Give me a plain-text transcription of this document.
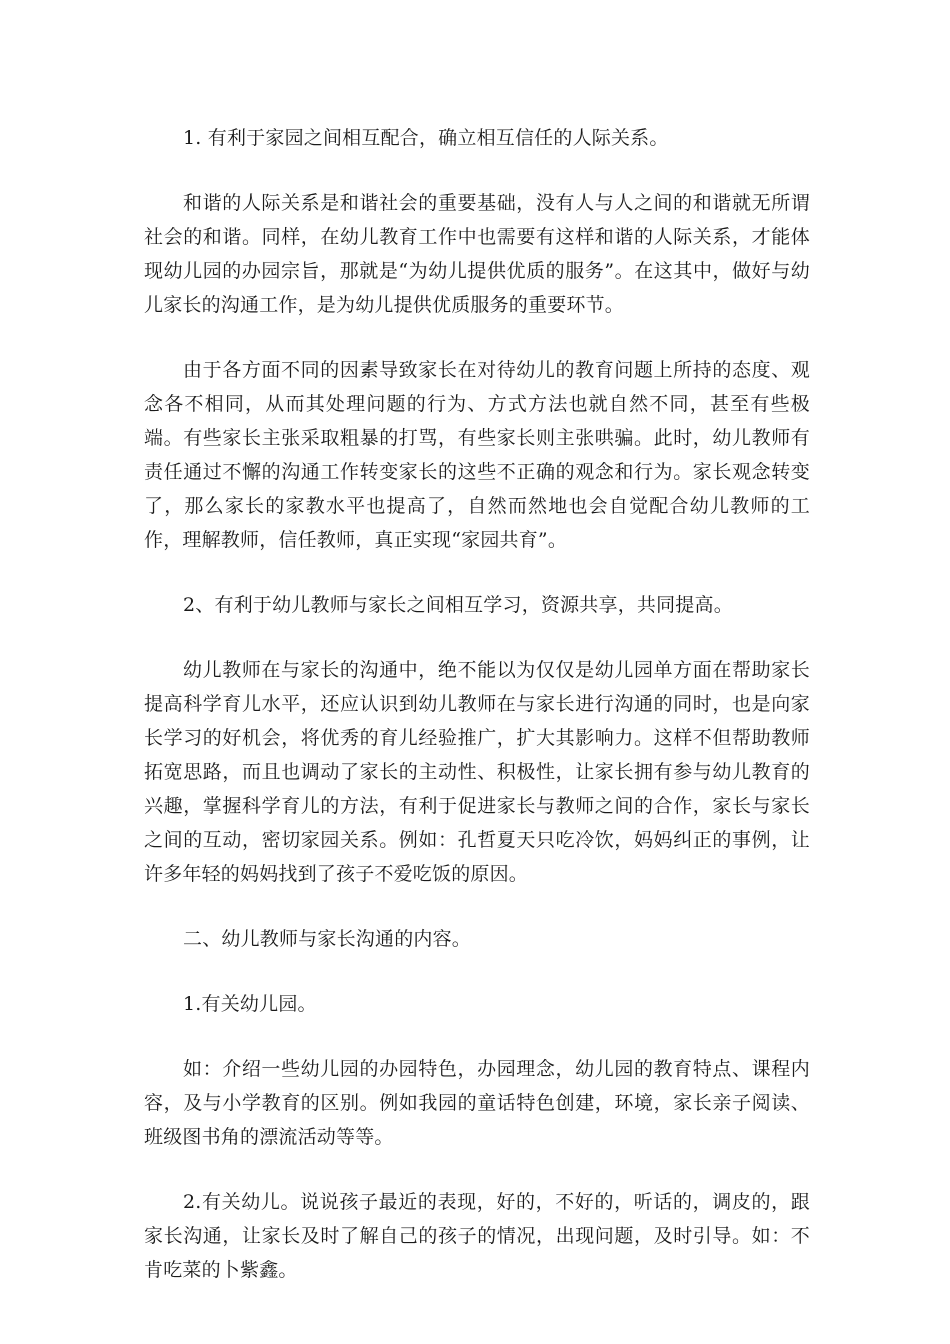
1. 有利于家园之间相互配合，确立相互信任的人际关系。

和谐的人际关系是和谐社会的重要基础，没有人与人之间的和谐就无所谓社会的和谐。同样，在幼儿教育工作中也需要有这样和谐的人际关系，才能体现幼儿园的办园宗旨，那就是“为幼儿提供优质的服务”。在这其中，做好与幼儿家长的沟通工作，是为幼儿提供优质服务的重要环节。

由于各方面不同的因素导致家长在对待幼儿的教育问题上所持的态度、观念各不相同，从而其处理问题的行为、方式方法也就自然不同，甚至有些极端。有些家长主张采取粗暴的打骂，有些家长则主张哄骗。此时，幼儿教师有责任通过不懈的沟通工作转变家长的这些不正确的观念和行为。家长观念转变了，那么家长的家教水平也提高了，自然而然地也会自觉配合幼儿教师的工作，理解教师，信任教师，真正实现“家园共育”。

2、有利于幼儿教师与家长之间相互学习，资源共享，共同提高。

幼儿教师在与家长的沟通中，绝不能以为仅仅是幼儿园单方面在帮助家长提高科学育儿水平，还应认识到幼儿教师在与家长进行沟通的同时，也是向家长学习的好机会，将优秀的育儿经验推广，扩大其影响力。这样不但帮助教师拓宽思路，而且也调动了家长的主动性、积极性，让家长拥有参与幼儿教育的兴趣，掌握科学育儿的方法，有利于促进家长与教师之间的合作，家长与家长之间的互动，密切家园关系。例如：孔哲夏天只吃冷饮，妈妈纠正的事例，让许多年轻的妈妈找到了孩子不爱吃饭的原因。

二、幼儿教师与家长沟通的内容。

1.有关幼儿园。

如：介绍一些幼儿园的办园特色，办园理念，幼儿园的教育特点、课程内容，及与小学教育的区别。例如我园的童话特色创建，环境，家长亲子阅读、班级图书角的漂流活动等等。

2.有关幼儿。说说孩子最近的表现，好的，不好的，听话的，调皮的，跟家长沟通，让家长及时了解自己的孩子的情况，出现问题，及时引导。如：不肯吃菜的卜紫鑫。
